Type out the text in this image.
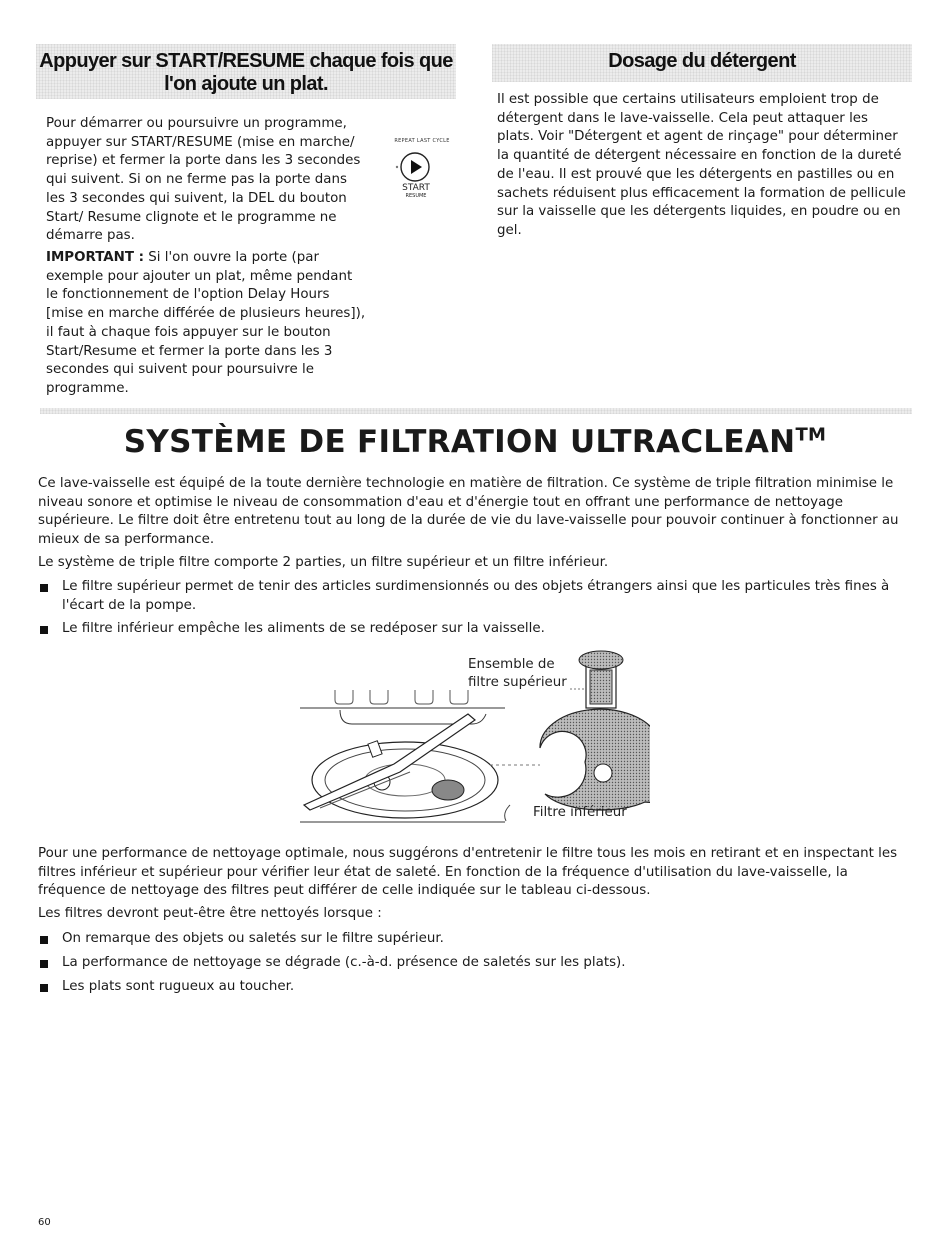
Appuyer sur START/RESUME chaque fois que
l'on ajoute un plat.

Pour démarrer ou poursuivre un programme, appuyer sur START/RESUME (mise en marche/ reprise) et fermer la porte dans les 3 secondes qui suivent. Si on ne ferme pas la porte dans les 3 secondes qui suivent, la DEL du bouton Start/ Resume clignote et le programme ne démarre pas.

IMPORTANT : Si l'on ouvre la porte (par exemple pour ajouter un plat, même pendant le fonctionnement de l'option Delay Hours [mise en marche différée de plusieurs heures]), il faut à chaque fois appuyer sur le bouton Start/Resume et fermer la porte dans les 3 secondes qui suivent pour poursuivre le programme.

REPEAT LAST CYCLE
START
RESUME
Dosage du détergent

Il est possible que certains utilisateurs emploient trop de détergent dans le lave-vaisselle. Cela peut attaquer les plats. Voir "Détergent et agent de rinçage" pour déterminer la quantité de détergent nécessaire en fonction de la dureté de l'eau. Il est prouvé que les détergents en pastilles ou en sachets réduisent plus efficacement la formation de pellicule sur la vaisselle que les détergents liquides, en poudre ou en gel.

SYSTÈME DE FILTRATION ULTRACLEAN™

Ce lave-vaisselle est équipé de la toute dernière technologie en matière de filtration. Ce système de triple filtration minimise le niveau sonore et optimise le niveau de consommation d'eau et d'énergie tout en offrant une performance de nettoyage supérieure. Le filtre doit être entretenu tout au long de la durée de vie du lave-vaisselle pour pouvoir continuer à fonctionner au mieux de sa performance.

Le système de triple filtre comporte 2 parties, un filtre supérieur et un filtre inférieur.

Le filtre supérieur permet de tenir des articles surdimensionnés ou des objets étrangers ainsi que les particules très fines à l'écart de la pompe.

Le filtre inférieur empêche les aliments de se redéposer sur la vaisselle.

Ensemble de
filtre supérieur
Filtre inférieur

Pour une performance de nettoyage optimale, nous suggérons d'entretenir le filtre tous les mois en retirant et en inspectant les filtres inférieur et supérieur pour vérifier leur état de saleté. En fonction de la fréquence d'utilisation du lave-vaisselle, la fréquence de nettoyage des filtres peut différer de celle indiquée sur le tableau ci-dessous.

Les filtres devront peut-être être nettoyés lorsque :

On remarque des objets ou saletés sur le filtre supérieur.

La performance de nettoyage se dégrade (c.-à-d. présence de saletés sur les plats).

Les plats sont rugueux au toucher.

60
